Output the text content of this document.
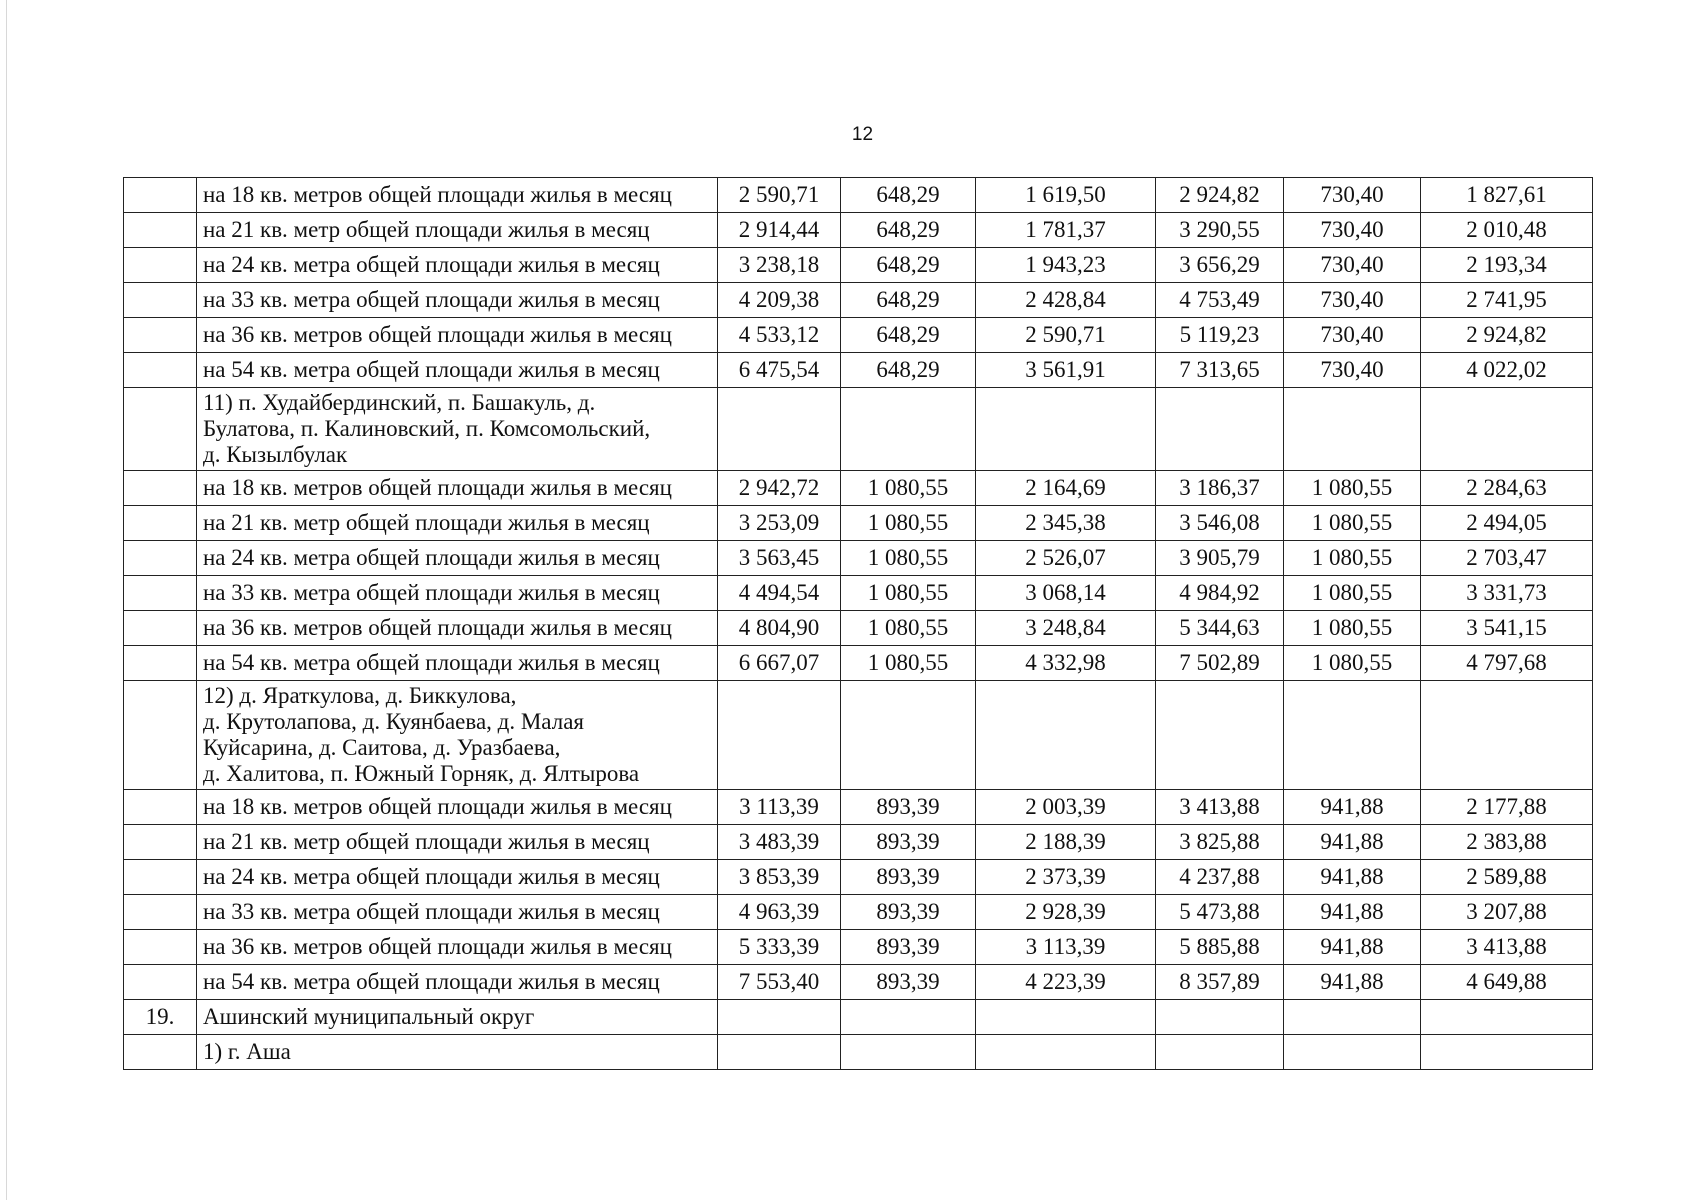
12
	на 18 кв. метров общей площади жилья в месяц	2 590,71	648,29	1 619,50	2 924,82	730,40	1 827,61
	на 21 кв. метр общей площади жилья в месяц	2 914,44	648,29	1 781,37	3 290,55	730,40	2 010,48
	на 24 кв. метра общей площади жилья в месяц	3 238,18	648,29	1 943,23	3 656,29	730,40	2 193,34
	на 33 кв. метра общей площади жилья в месяц	4 209,38	648,29	2 428,84	4 753,49	730,40	2 741,95
	на 36 кв. метров общей площади жилья в месяц	4 533,12	648,29	2 590,71	5 119,23	730,40	2 924,82
	на 54 кв. метра общей площади жилья в месяц	6 475,54	648,29	3 561,91	7 313,65	730,40	4 022,02

	11) п. Худайбердинский, п. Башакуль, д.
Булатова, п. Калиновский, п. Комсомольский,
д. Кызылбулак						

	на 18 кв. метров общей площади жилья в месяц	2 942,72	1 080,55	2 164,69	3 186,37	1 080,55	2 284,63
	на 21 кв. метр общей площади жилья в месяц	3 253,09	1 080,55	2 345,38	3 546,08	1 080,55	2 494,05
	на 24 кв. метра общей площади жилья в месяц	3 563,45	1 080,55	2 526,07	3 905,79	1 080,55	2 703,47
	на 33 кв. метра общей площади жилья в месяц	4 494,54	1 080,55	3 068,14	4 984,92	1 080,55	3 331,73
	на 36 кв. метров общей площади жилья в месяц	4 804,90	1 080,55	3 248,84	5 344,63	1 080,55	3 541,15
	на 54 кв. метра общей площади жилья в месяц	6 667,07	1 080,55	4 332,98	7 502,89	1 080,55	4 797,68

	12) д. Яраткулова, д. Биккулова,
д. Крутолапова, д. Куянбаева, д. Малая
Куйсарина, д. Саитова, д. Уразбаева,
д. Халитова, п. Южный Горняк, д. Ялтырова						

	на 18 кв. метров общей площади жилья в месяц	3 113,39	893,39	2 003,39	3 413,88	941,88	2 177,88
	на 21 кв. метр общей площади жилья в месяц	3 483,39	893,39	2 188,39	3 825,88	941,88	2 383,88
	на 24 кв. метра общей площади жилья в месяц	3 853,39	893,39	2 373,39	4 237,88	941,88	2 589,88
	на 33 кв. метра общей площади жилья в месяц	4 963,39	893,39	2 928,39	5 473,88	941,88	3 207,88
	на 36 кв. метров общей площади жилья в месяц	5 333,39	893,39	3 113,39	5 885,88	941,88	3 413,88
	на 54 кв. метра общей площади жилья в месяц	7 553,40	893,39	4 223,39	8 357,89	941,88	4 649,88
19.	Ашинский муниципальный округ						
	1) г. Аша						
